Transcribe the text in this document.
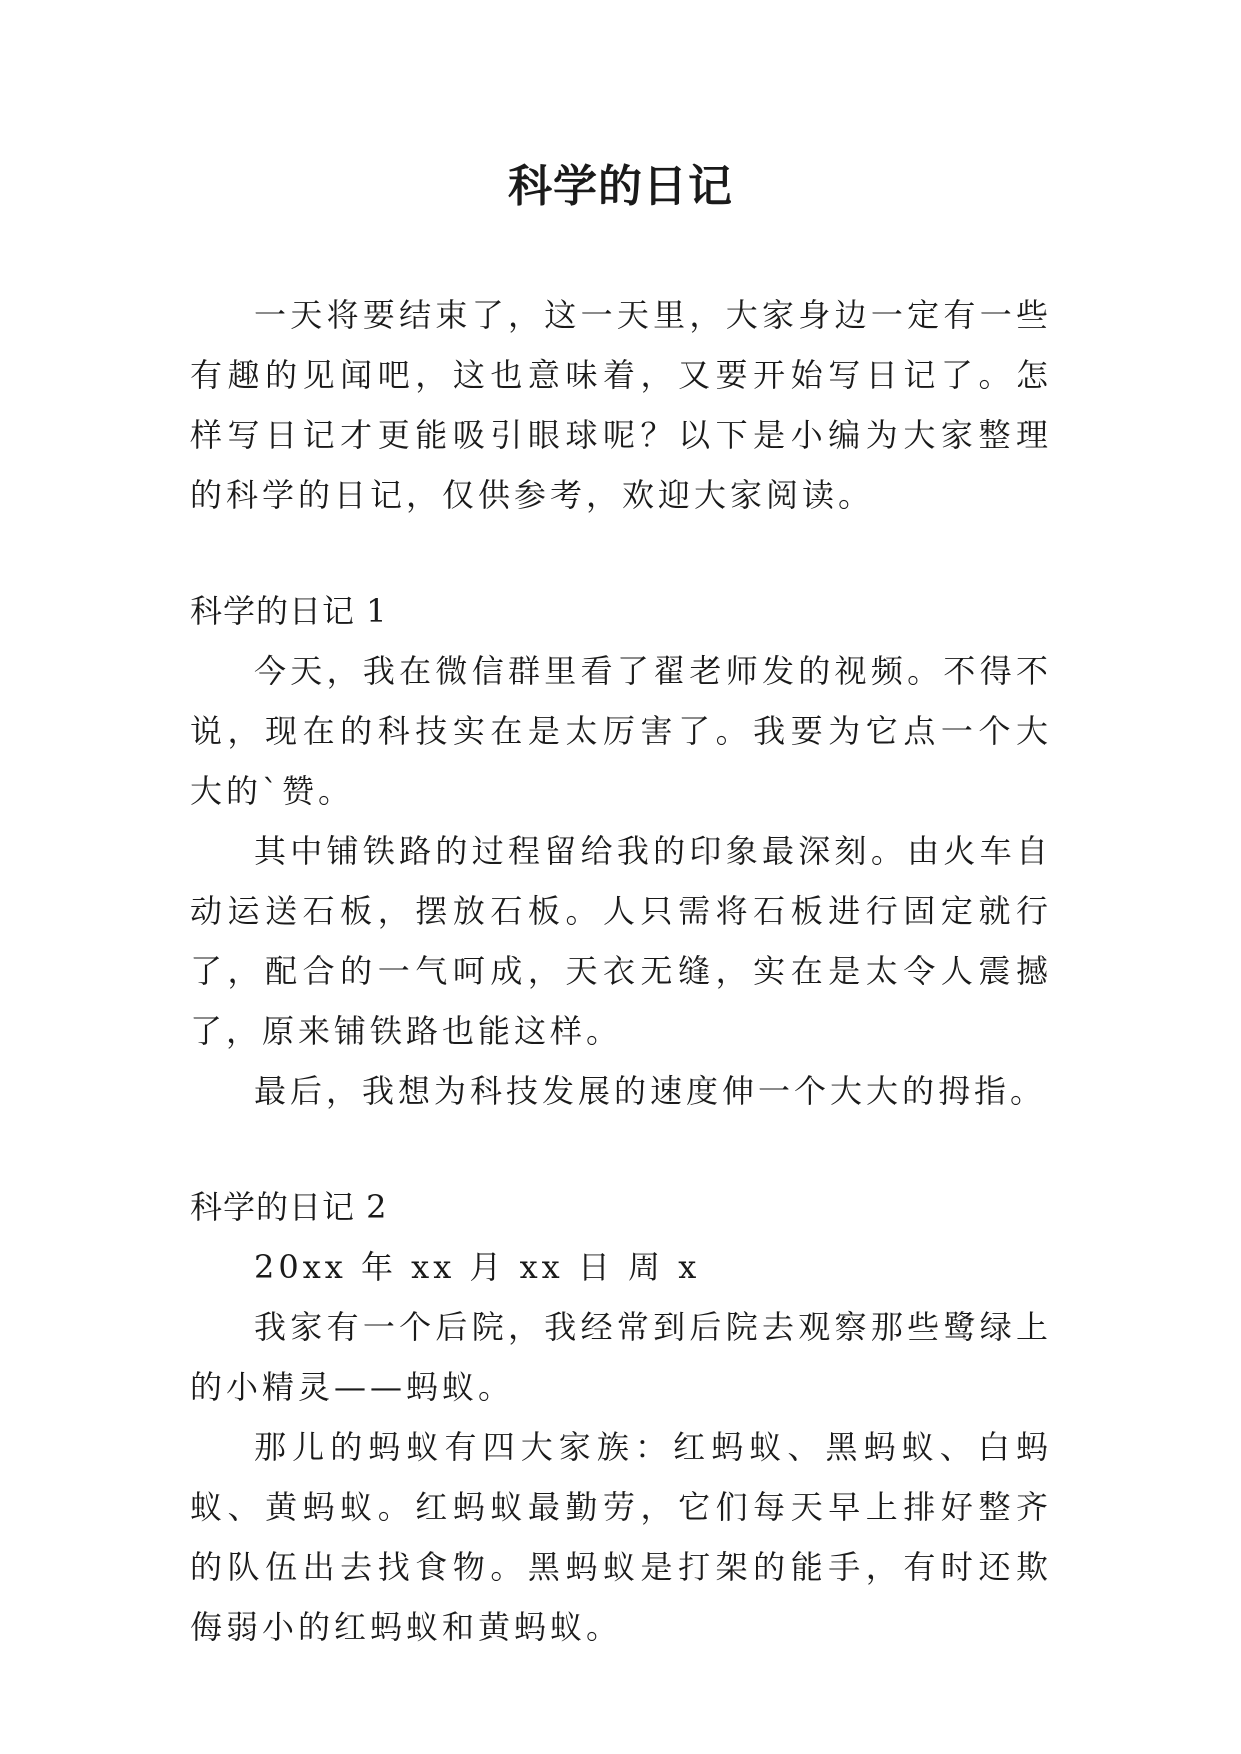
科学的日记

一天将要结束了，这一天里，大家身边一定有一些有趣的见闻吧，这也意味着，又要开始写日记了。怎样写日记才更能吸引眼球呢？以下是小编为大家整理的科学的日记，仅供参考，欢迎大家阅读。

科学的日记 1

今天，我在微信群里看了翟老师发的视频。不得不说，现在的科技实在是太厉害了。我要为它点一个大大的`赞。

其中铺铁路的过程留给我的印象最深刻。由火车自动运送石板，摆放石板。人只需将石板进行固定就行了，配合的一气呵成，天衣无缝，实在是太令人震撼了，原来铺铁路也能这样。

最后，我想为科技发展的速度伸一个大大的拇指。

科学的日记 2

20xx 年 xx 月 xx 日 周 x

我家有一个后院，我经常到后院去观察那些鹭绿上的小精灵——蚂蚁。

那儿的蚂蚁有四大家族：红蚂蚁、黑蚂蚁、白蚂蚁、黄蚂蚁。红蚂蚁最勤劳，它们每天早上排好整齐的队伍出去找食物。黑蚂蚁是打架的能手，有时还欺侮弱小的红蚂蚁和黄蚂蚁。
